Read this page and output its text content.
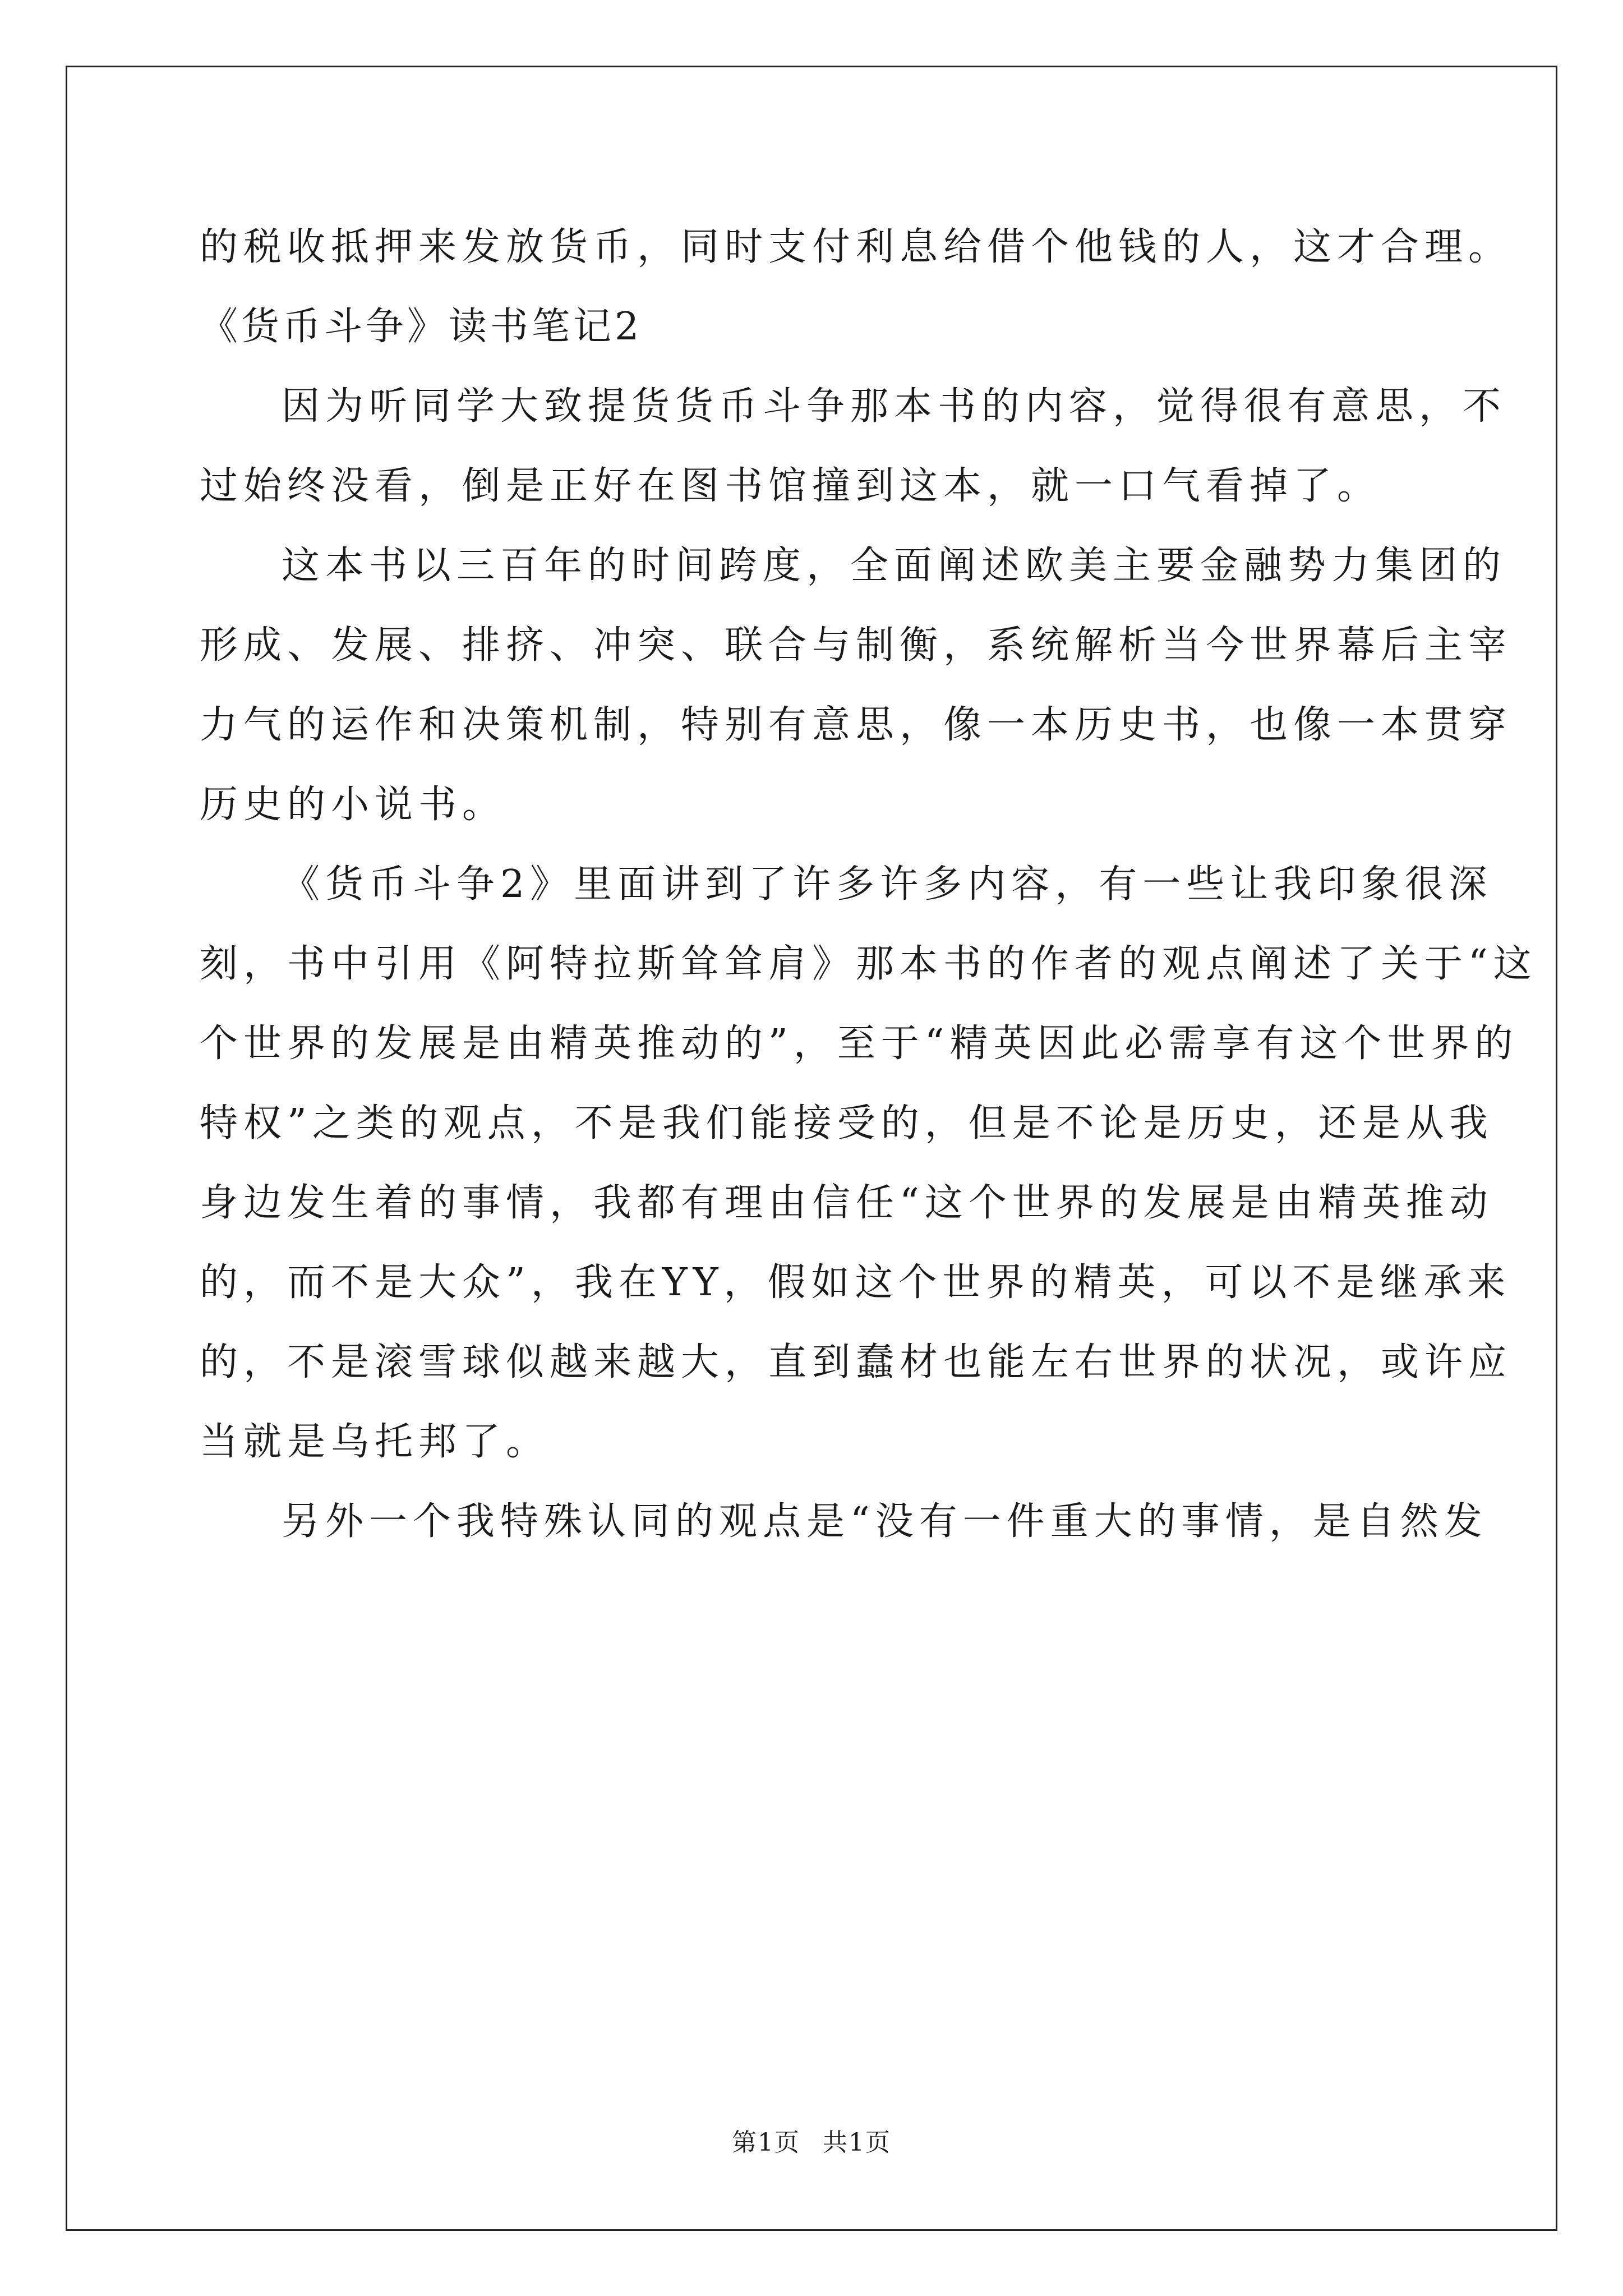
的税收抵押来发放货币，同时支付利息给借个他钱的人，这才合理。
《货币斗争》读书笔记2
因为听同学大致提货货币斗争那本书的内容，觉得很有意思，不
过始终没看，倒是正好在图书馆撞到这本，就一口气看掉了。
这本书以三百年的时间跨度，全面阐述欧美主要金融势力集团的
形成、发展、排挤、冲突、联合与制衡，系统解析当今世界幕后主宰
力气的运作和决策机制，特别有意思，像一本历史书，也像一本贯穿
历史的小说书。
《货币斗争2》里面讲到了许多许多内容，有一些让我印象很深
刻，书中引用《阿特拉斯耸耸肩》那本书的作者的观点阐述了关于“这
个世界的发展是由精英推动的”，至于“精英因此必需享有这个世界的
特权”之类的观点，不是我们能接受的，但是不论是历史，还是从我
身边发生着的事情，我都有理由信任“这个世界的发展是由精英推动
的，而不是大众”，我在YY，假如这个世界的精英，可以不是继承来
的，不是滚雪球似越来越大，直到蠢材也能左右世界的状况，或许应
当就是乌托邦了。
另外一个我特殊认同的观点是“没有一件重大的事情，是自然发
第1页 共1页
